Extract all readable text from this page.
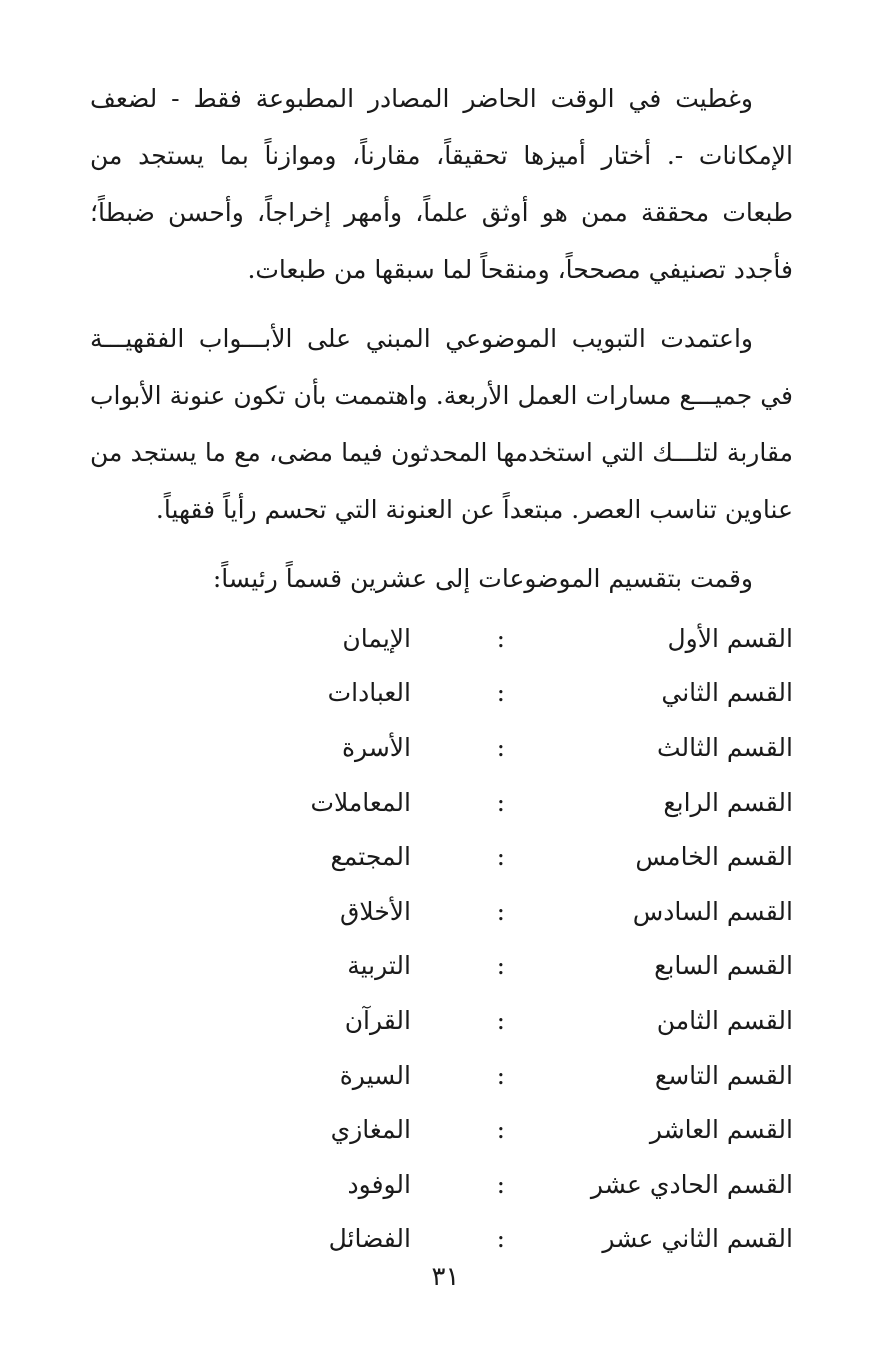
وغطيت في الوقت الحاضر المصادر المطبوعة فقط - لضعف الإمكانات -. أختار أميزها تحقيقاً، مقارناً، وموازناً بما يستجد من طبعات محققة ممن هو أوثق علماً، وأمهر إخراجاً، وأحسن ضبطاً؛ فأجدد تصنيفي مصححاً، ومنقحاً لما سبقها من طبعات.

واعتمدت التبويب الموضوعي المبني على الأبـــواب الفقهيـــة في جميـــع مسارات العمل الأربعة. واهتممت بأن تكون عنونة الأبواب مقاربة لتلـــك التي استخدمها المحدثون فيما مضى، مع ما يستجد من عناوين تناسب العصر. مبتعداً عن العنونة التي تحسم رأياً فقهياً.

وقمت بتقسيم الموضوعات إلى عشرين قسماً رئيساً:

القسم الأول
:
الإيمان
القسم الثاني
:
العبادات
القسم الثالث
:
الأسرة
القسم الرابع
:
المعاملات
القسم الخامس
:
المجتمع
القسم السادس
:
الأخلاق
القسم السابع
:
التربية
القسم الثامن
:
القرآن
القسم التاسع
:
السيرة
القسم العاشر
:
المغازي
القسم الحادي عشر
:
الوفود
القسم الثاني عشر
:
الفضائل
٣١
